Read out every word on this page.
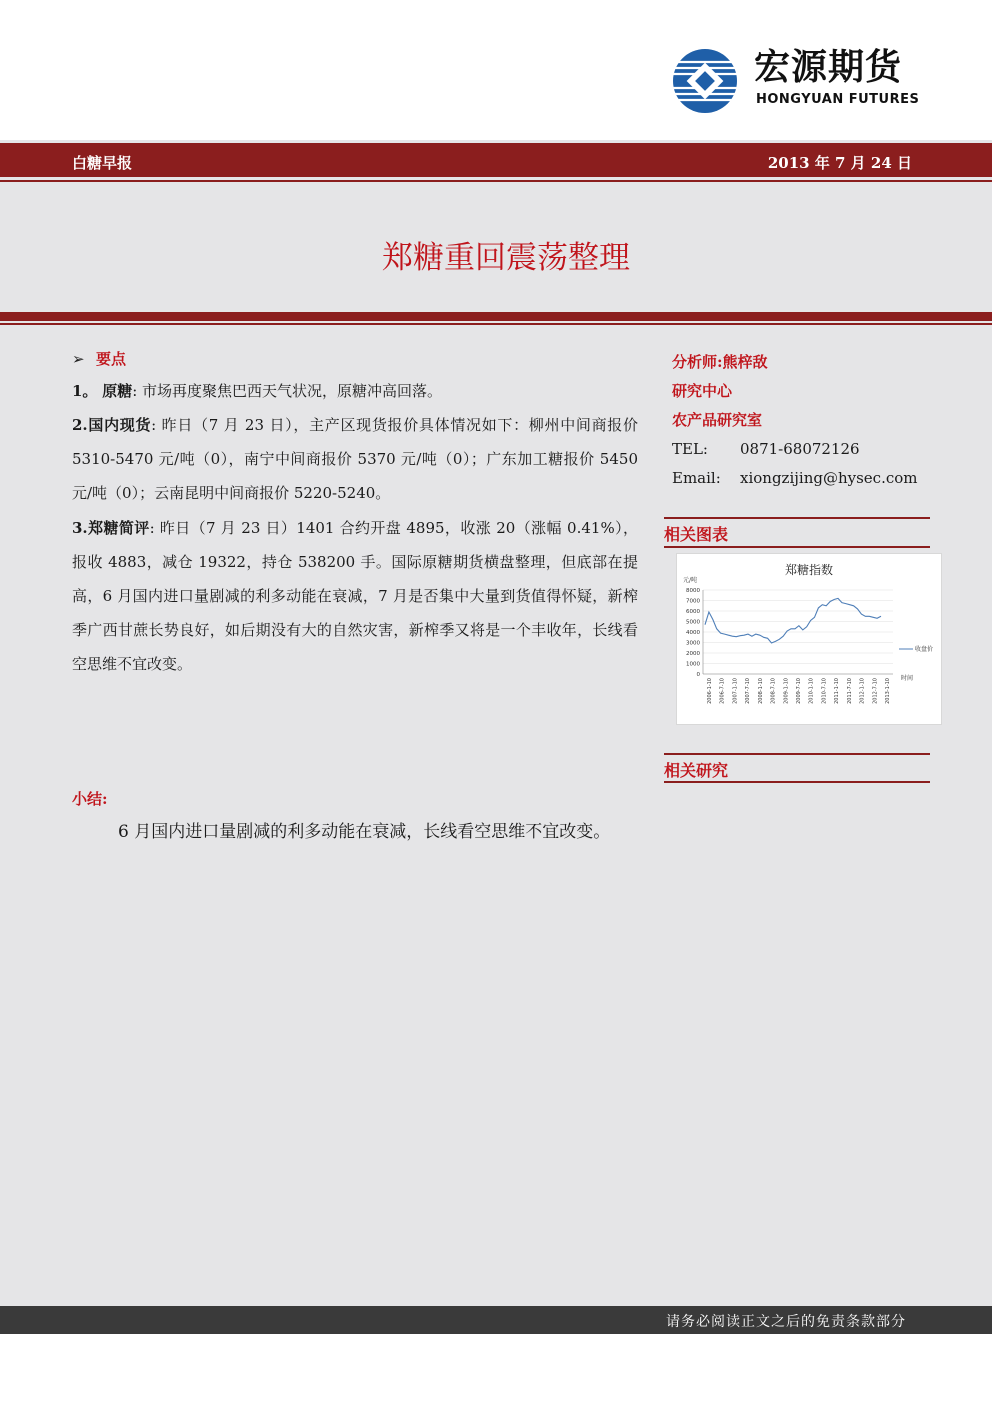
宏源期货
HONGYUAN FUTURES
白糖早报	2013 年 7 月 24 日
郑糖重回震荡整理
➢ 要点
1。 原糖: 市场再度聚焦巴西天气状况，原糖冲高回落。
2.国内现货: 昨日（7 月 23 日），主产区现货报价具体情况如下：柳州中间商报价 5310-5470 元/吨（0），南宁中间商报价 5370 元/吨（0）；广东加工糖报价 5450 元/吨（0）；云南昆明中间商报价 5220-5240。
3.郑糖简评: 昨日（7 月 23 日）1401 合约开盘 4895，收涨 20（涨幅 0.41%），报收 4883，减仓 19322，持仓 538200 手。国际原糖期货横盘整理，但底部在提高，6 月国内进口量剧减的利多动能在衰减，7 月是否集中大量到货值得怀疑，新榨季广西甘蔗长势良好，如后期没有大的自然灾害，新榨季又将是一个丰收年，长线看空思维不宜改变。
小结:
6 月国内进口量剧减的利多动能在衰减，长线看空思维不宜改变。
分析师:熊梓敌
研究中心
农产品研究室
TEL: 0871-68072126
Email: xiongzijing@hysec.com
相关图表
郑糖指数
元/吨
0
1000
2000
3000
4000
5000
6000
7000
8000
2006-1-10 2006-7-10 2007-1-10 2007-7-10 2008-1-10 2008-7-10 2009-1-10 2009-7-10 2010-1-10 2010-7-10 2011-1-10 2011-7-10 2012-1-10 2012-7-10 2013-1-10
收盘价
时间
相关研究
请务必阅读正文之后的免责条款部分
